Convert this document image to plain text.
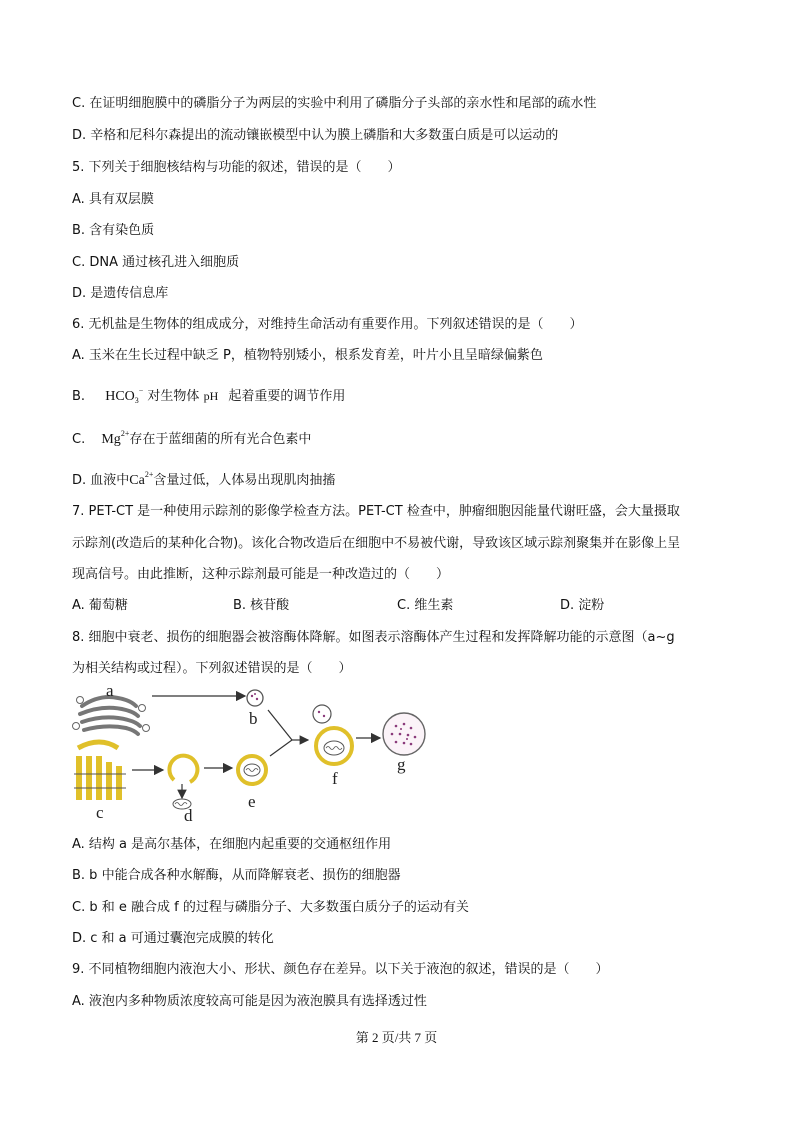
C. 在证明细胞膜中的磷脂分子为两层的实验中利用了磷脂分子头部的亲水性和尾部的疏水性
D. 辛格和尼科尔森提出的流动镶嵌模型中认为膜上磷脂和大多数蛋白质是可以运动的
5. 下列关于细胞核结构与功能的叙述，错误的是（　　）
A. 具有双层膜
B. 含有染色质
C. DNA 通过核孔进入细胞质
D. 是遗传信息库
6. 无机盐是生物体的组成成分，对维持生命活动有重要作用。下列叙述错误的是（　　）
A. 玉米在生长过程中缺乏 P，植物特别矮小，根系发育差，叶片小且呈暗绿偏紫色
B. $HCO_3^-$ 对生物体 pH 起着重要的调节作用
C. $Mg^{2+}$存在于蓝细菌的所有光合色素中
D. 血液中$Ca^{2+}$含量过低，人体易出现肌肉抽搐
7. PET-CT 是一种使用示踪剂的影像学检查方法。PET-CT 检查中，肿瘤细胞因能量代谢旺盛，会大量摄取
示踪剂(改造后的某种化合物)。该化合物改造后在细胞中不易被代谢，导致该区域示踪剂聚集并在影像上呈
现高信号。由此推断，这种示踪剂最可能是一种改造过的（　　）
A. 葡萄糖	B. 核苷酸	C. 维生素	D. 淀粉
8. 细胞中衰老、损伤的细胞器会被溶酶体降解。如图表示溶酶体产生过程和发挥降解功能的示意图（a~g
为相关结构或过程）。下列叙述错误的是（　　）
a
b
c	d
e
f
g
A. 结构 a 是高尔基体，在细胞内起重要的交通枢纽作用
B. b 中能合成各种水解酶，从而降解衰老、损伤的细胞器
C. b 和 e 融合成 f 的过程与磷脂分子、大多数蛋白质分子的运动有关
D. c 和 a 可通过囊泡完成膜的转化
9. 不同植物细胞内液泡大小、形状、颜色存在差异。以下关于液泡的叙述，错误的是（　　）
A. 液泡内多种物质浓度较高可能是因为液泡膜具有选择透过性
第 2 页/共 7 页
